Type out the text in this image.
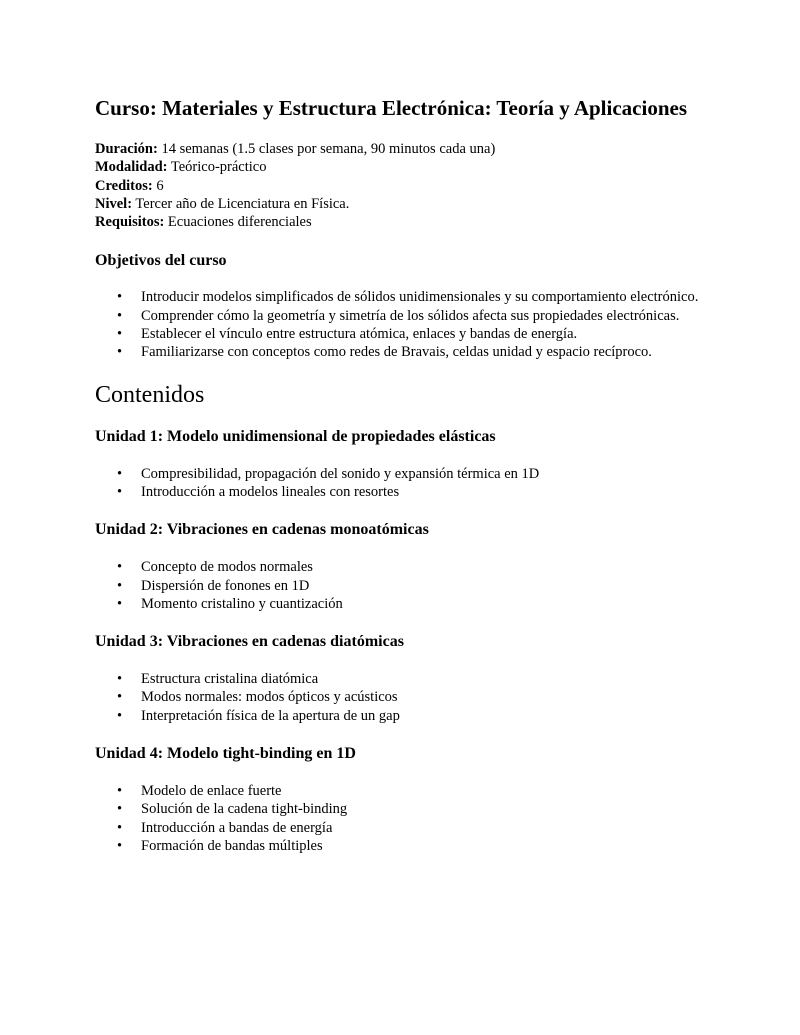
Curso: Materiales y Estructura Electrónica: Teoría y Aplicaciones
Duración: 14 semanas (1.5 clases por semana, 90 minutos cada una)
Modalidad: Teórico-práctico
Creditos: 6
Nivel: Tercer año de Licenciatura en Física.
Requisitos: Ecuaciones diferenciales
Objetivos del curso
• Introducir modelos simplificados de sólidos unidimensionales y su comportamiento electrónico.
• Comprender cómo la geometría y simetría de los sólidos afecta sus propiedades electrónicas.
• Establecer el vínculo entre estructura atómica, enlaces y bandas de energía.
• Familiarizarse con conceptos como redes de Bravais, celdas unidad y espacio recíproco.
Contenidos
Unidad 1: Modelo unidimensional de propiedades elásticas
• Compresibilidad, propagación del sonido y expansión térmica en 1D
• Introducción a modelos lineales con resortes
Unidad 2: Vibraciones en cadenas monoatómicas
• Concepto de modos normales
• Dispersión de fonones en 1D
• Momento cristalino y cuantización
Unidad 3: Vibraciones en cadenas diatómicas
• Estructura cristalina diatómica
• Modos normales: modos ópticos y acústicos
• Interpretación física de la apertura de un gap
Unidad 4: Modelo tight-binding en 1D
• Modelo de enlace fuerte
• Solución de la cadena tight-binding
• Introducción a bandas de energía
• Formación de bandas múltiples
